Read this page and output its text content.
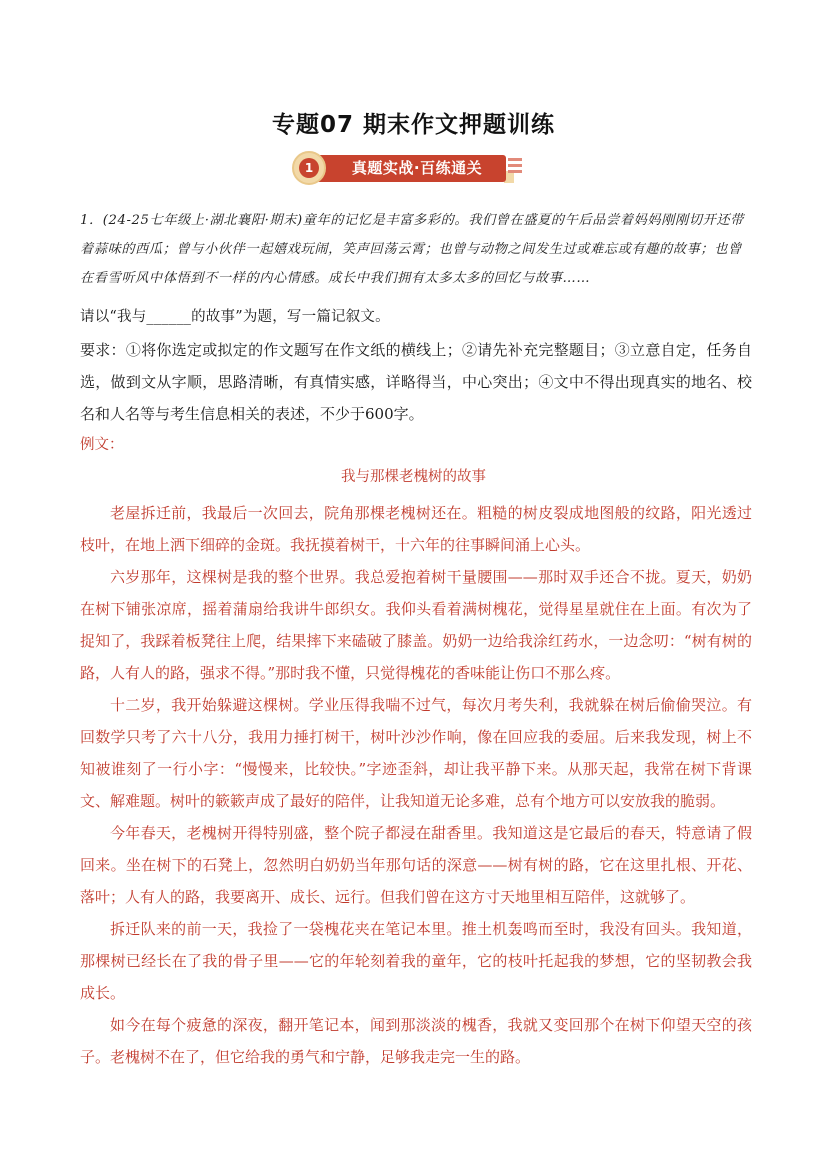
专题07 期末作文押题训练
真题实战·百练通关
1
1．(24-25七年级上·湖北襄阳·期末)童年的记忆是丰富多彩的。我们曾在盛夏的午后品尝着妈妈刚刚切开还带着蒜味的西瓜；曾与小伙伴一起嬉戏玩闹，笑声回荡云霄；也曾与动物之间发生过或难忘或有趣的故事；也曾在看雪听风中体悟到不一样的内心情感。成长中我们拥有太多太多的回忆与故事……
请以“我与______的故事”为题，写一篇记叙文。
要求：①将你选定或拟定的作文题写在作文纸的横线上；②请先补充完整题目；③立意自定，任务自选，做到文从字顺，思路清晰，有真情实感，详略得当，中心突出；④文中不得出现真实的地名、校名和人名等与考生信息相关的表述，不少于600字。
例文：
我与那棵老槐树的故事

老屋拆迁前，我最后一次回去，院角那棵老槐树还在。粗糙的树皮裂成地图般的纹路，阳光透过枝叶，在地上洒下细碎的金斑。我抚摸着树干，十六年的往事瞬间涌上心头。

六岁那年，这棵树是我的整个世界。我总爱抱着树干量腰围——那时双手还合不拢。夏天，奶奶在树下铺张凉席，摇着蒲扇给我讲牛郎织女。我仰头看着满树槐花，觉得星星就住在上面。有次为了捉知了，我踩着板凳往上爬，结果摔下来磕破了膝盖。奶奶一边给我涂红药水，一边念叨：“树有树的路，人有人的路，强求不得。”那时我不懂，只觉得槐花的香味能让伤口不那么疼。

十二岁，我开始躲避这棵树。学业压得我喘不过气，每次月考失利，我就躲在树后偷偷哭泣。有回数学只考了六十八分，我用力捶打树干，树叶沙沙作响，像在回应我的委屈。后来我发现，树上不知被谁刻了一行小字：“慢慢来，比较快。”字迹歪斜，却让我平静下来。从那天起，我常在树下背课文、解难题。树叶的簌簌声成了最好的陪伴，让我知道无论多难，总有个地方可以安放我的脆弱。

今年春天，老槐树开得特别盛，整个院子都浸在甜香里。我知道这是它最后的春天，特意请了假回来。坐在树下的石凳上，忽然明白奶奶当年那句话的深意——树有树的路，它在这里扎根、开花、落叶；人有人的路，我要离开、成长、远行。但我们曾在这方寸天地里相互陪伴，这就够了。

拆迁队来的前一天，我捡了一袋槐花夹在笔记本里。推土机轰鸣而至时，我没有回头。我知道，那棵树已经长在了我的骨子里——它的年轮刻着我的童年，它的枝叶托起我的梦想，它的坚韧教会我成长。

如今在每个疲惫的深夜，翻开笔记本，闻到那淡淡的槐香，我就又变回那个在树下仰望天空的孩子。老槐树不在了，但它给我的勇气和宁静，足够我走完一生的路。
